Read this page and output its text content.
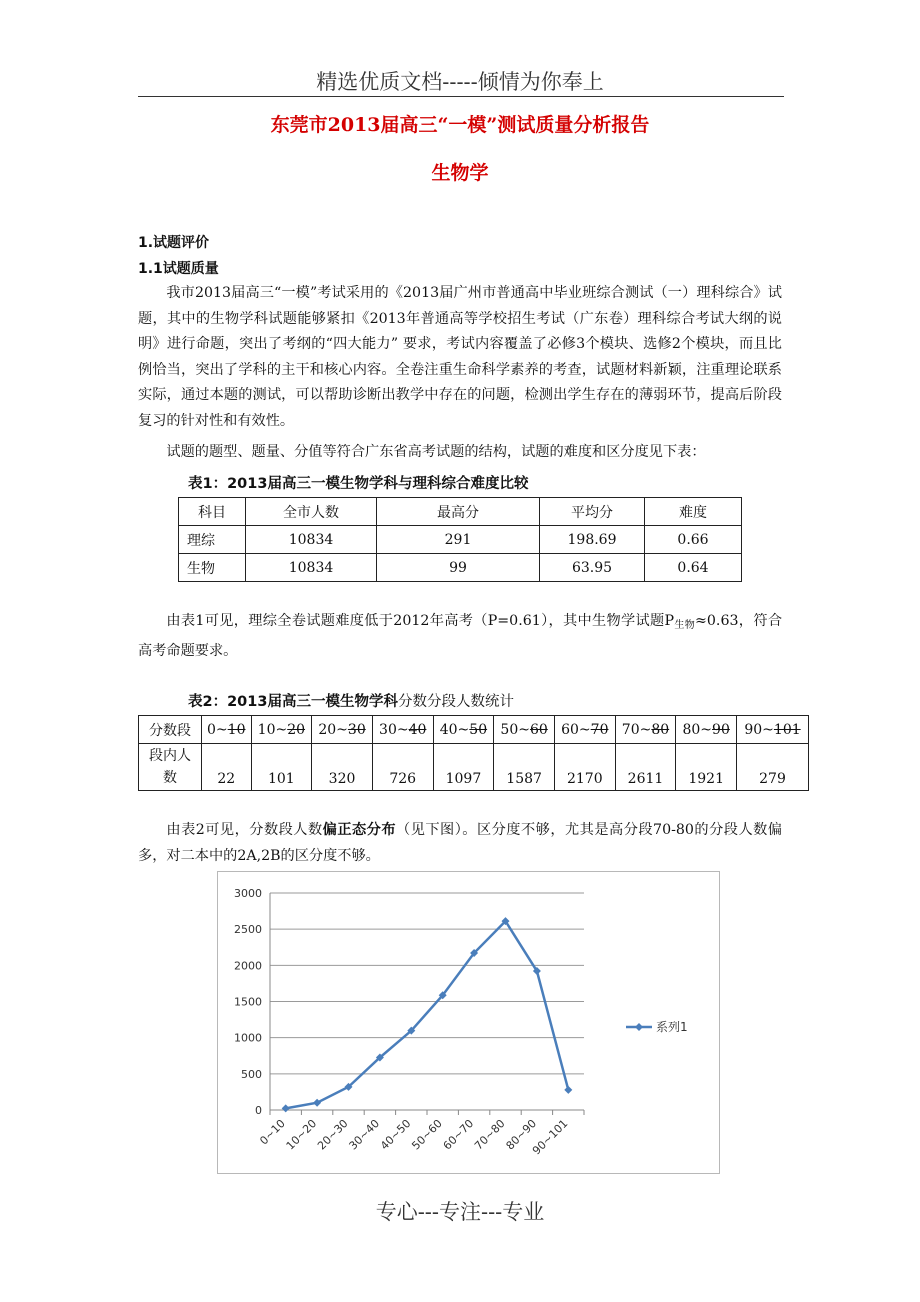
精选优质文档-----倾情为你奉上
东莞市2013届高三“一模”测试质量分析报告
生物学
1.试题评价
1.1试题质量
我市2013届高三“一模”考试采用的《2013届广州市普通高中毕业班综合测试（一）理科综合》试题，其中的生物学科试题能够紧扣《2013年普通高等学校招生考试（广东卷）理科综合考试大纲的说明》进行命题，突出了考纲的“四大能力” 要求，考试内容覆盖了必修3个模块、选修2个模块，而且比例恰当，突出了学科的主干和核心内容。全卷注重生命科学素养的考查，试题材料新颖，注重理论联系实际，通过本题的测试，可以帮助诊断出教学中存在的问题，检测出学生存在的薄弱环节，提高后阶段复习的针对性和有效性。
试题的题型、题量、分值等符合广东省高考试题的结构，试题的难度和区分度见下表：
表1：2013届高三一模生物学科与理科综合难度比较
科目	全市人数	最高分	平均分	难度
理综	10834	291	198.69	0.66
生物	10834	99	63.95	0.64
由表1可见，理综全卷试题难度低于2012年高考（P=0.61），其中生物学试题$P_{生物}\approx 0.63$，符合高考命题要求。
表2：2013届高三一模生物学科分数分段人数统计
分数段	0~10	10~20	20~30	30~40	40~50	50~60	60~70	70~80	80~90	90~101
段内人数	22	101	320	726	1097	1587	2170	2611	1921	279
由表2可见，分数段人数偏正态分布（见下图）。区分度不够，尤其是高分段70-80的分段人数偏多，对二本中的2A,2B的区分度不够。
0
500
1000
1500
2000
2500
3000
0~10
10~20
20~30
30~40
40~50
50~60
60~70
70~80
80~90
90~101
系列1
专心---专注---专业
